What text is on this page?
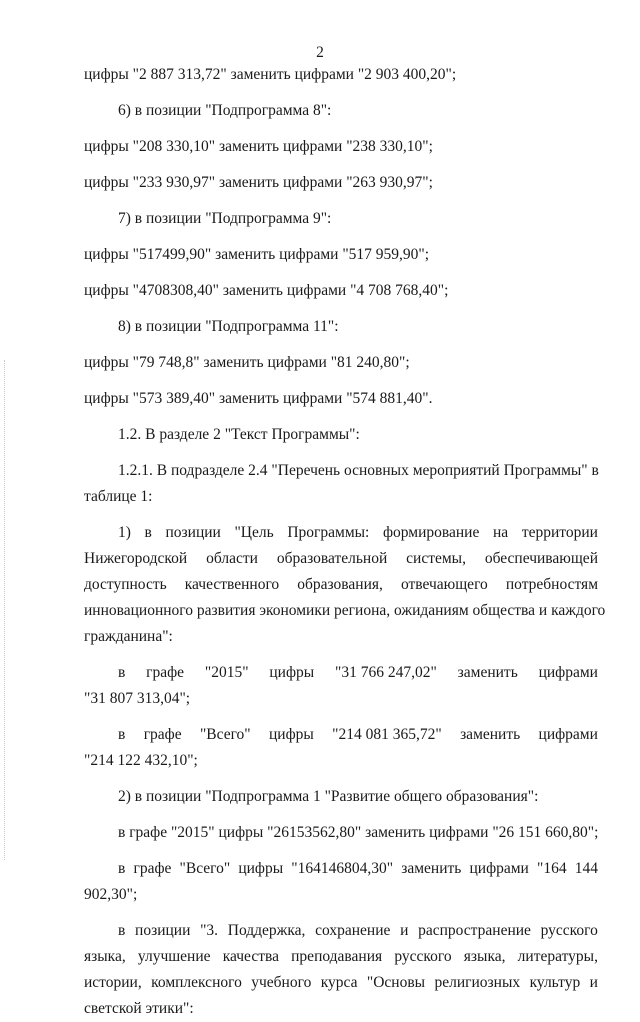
2
цифры "2 887 313,72" заменить цифрами "2 903 400,20";
6) в позиции "Подпрограмма 8":
цифры "208 330,10" заменить цифрами "238 330,10";
цифры "233 930,97" заменить цифрами "263 930,97";
7) в позиции "Подпрограмма 9":
цифры "517499,90" заменить цифрами "517 959,90";
цифры "4708308,40" заменить цифрами "4 708 768,40";
8) в позиции "Подпрограмма 11":
цифры "79 748,8" заменить цифрами "81 240,80";
цифры "573 389,40" заменить цифрами "574 881,40".
1.2. В разделе 2 "Текст Программы":
1.2.1. В подразделе 2.4 "Перечень основных мероприятий Программы" в
таблице 1:
1) в позиции "Цель Программы: формирование на территории
Нижегородской области образовательной системы, обеспечивающей
доступность качественного образования, отвечающего потребностям
инновационного развития экономики региона, ожиданиям общества и каждого
гражданина":
в графе "2015" цифры "31 766 247,02" заменить цифрами
"31 807 313,04";
в графе "Всего" цифры "214 081 365,72" заменить цифрами
"214 122 432,10";
2) в позиции "Подпрограмма 1 "Развитие общего образования":
в графе "2015" цифры "26153562,80" заменить цифрами "26 151 660,80";
в графе "Всего" цифры "164146804,30" заменить цифрами "164 144
902,30";
в позиции "3. Поддержка, сохранение и распространение русского
языка, улучшение качества преподавания русского языка, литературы,
истории, комплексного учебного курса "Основы религиозных культур и
светской этики":
